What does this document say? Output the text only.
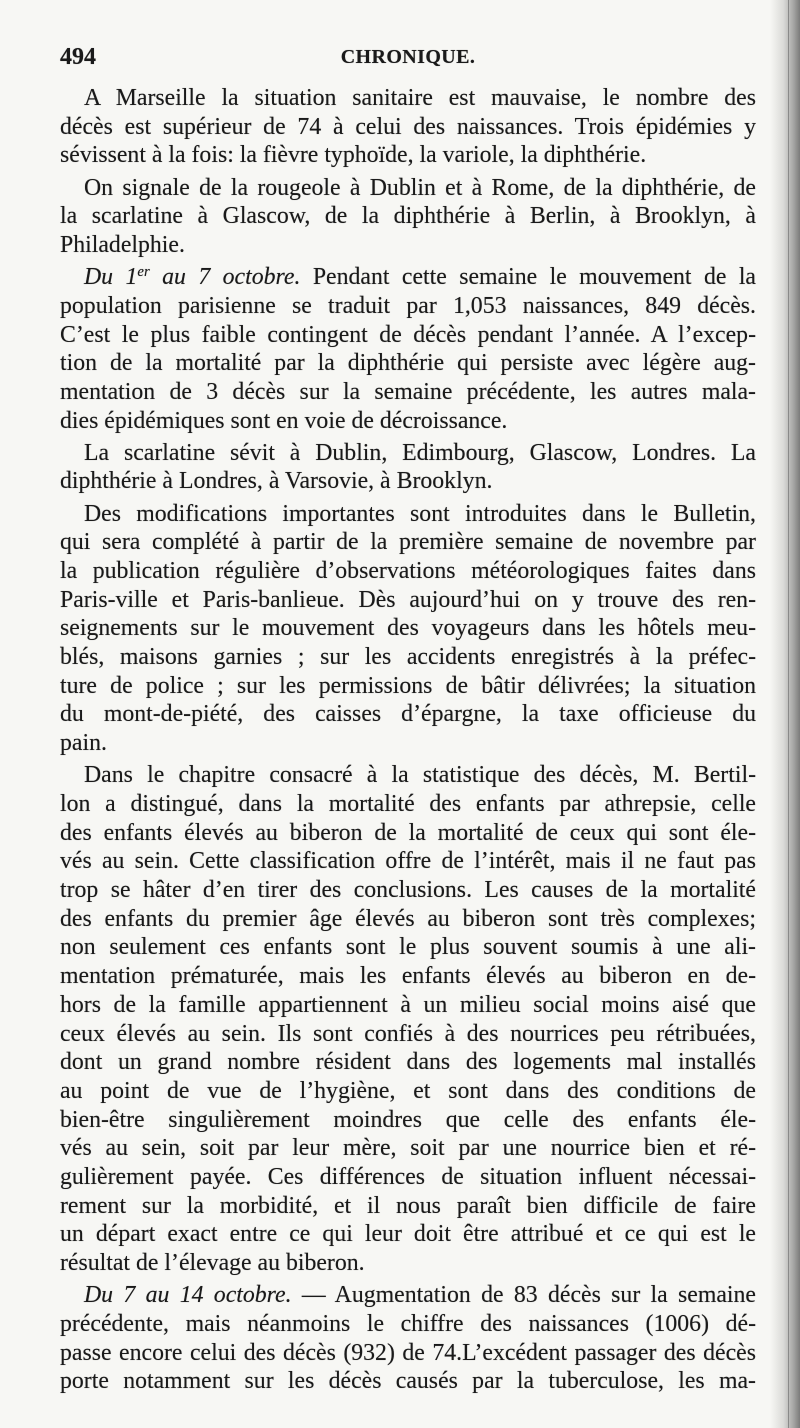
494	CHRONIQUE.
A Marseille la situation sanitaire est mauvaise, le nombre des
décès est supérieur de 74 à celui des naissances. Trois épidémies y
sévissent à la fois: la fièvre typhoïde, la variole, la diphthérie.
On signale de la rougeole à Dublin et à Rome, de la diphthérie, de
la scarlatine à Glascow, de la diphthérie à Berlin, à Brooklyn, à
Philadelphie.
Du 1er au 7 octobre. Pendant cette semaine le mouvement de la
population parisienne se traduit par 1,053 naissances, 849 décès.
C’est le plus faible contingent de décès pendant l’année. A l’excep-
tion de la mortalité par la diphthérie qui persiste avec légère aug-
mentation de 3 décès sur la semaine précédente, les autres mala-
dies épidémiques sont en voie de décroissance.
La scarlatine sévit à Dublin, Edimbourg, Glascow, Londres. La
diphthérie à Londres, à Varsovie, à Brooklyn.
Des modifications importantes sont introduites dans le Bulletin,
qui sera complété à partir de la première semaine de novembre par
la publication régulière d’observations météorologiques faites dans
Paris-ville et Paris-banlieue. Dès aujourd’hui on y trouve des ren-
seignements sur le mouvement des voyageurs dans les hôtels meu-
blés, maisons garnies ; sur les accidents enregistrés à la préfec-
ture de police ; sur les permissions de bâtir délivrées; la situation
du mont-de-piété, des caisses d’épargne, la taxe officieuse du
pain.
Dans le chapitre consacré à la statistique des décès, M. Bertil-
lon a distingué, dans la mortalité des enfants par athrepsie, celle
des enfants élevés au biberon de la mortalité de ceux qui sont éle-
vés au sein. Cette classification offre de l’intérêt, mais il ne faut pas
trop se hâter d’en tirer des conclusions. Les causes de la mortalité
des enfants du premier âge élevés au biberon sont très complexes;
non seulement ces enfants sont le plus souvent soumis à une ali-
mentation prématurée, mais les enfants élevés au biberon en de-
hors de la famille appartiennent à un milieu social moins aisé que
ceux élevés au sein. Ils sont confiés à des nourrices peu rétribuées,
dont un grand nombre résident dans des logements mal installés
au point de vue de l’hygiène, et sont dans des conditions de
bien-être singulièrement moindres que celle des enfants éle-
vés au sein, soit par leur mère, soit par une nourrice bien et ré-
gulièrement payée. Ces différences de situation influent nécessai-
rement sur la morbidité, et il nous paraît bien difficile de faire
un départ exact entre ce qui leur doit être attribué et ce qui est le
résultat de l’élevage au biberon.
Du 7 au 14 octobre. — Augmentation de 83 décès sur la semaine
précédente, mais néanmoins le chiffre des naissances (1006) dé-
passe encore celui des décès (932) de 74.L’excédent passager des décès
porte notamment sur les décès causés par la tuberculose, les ma-
